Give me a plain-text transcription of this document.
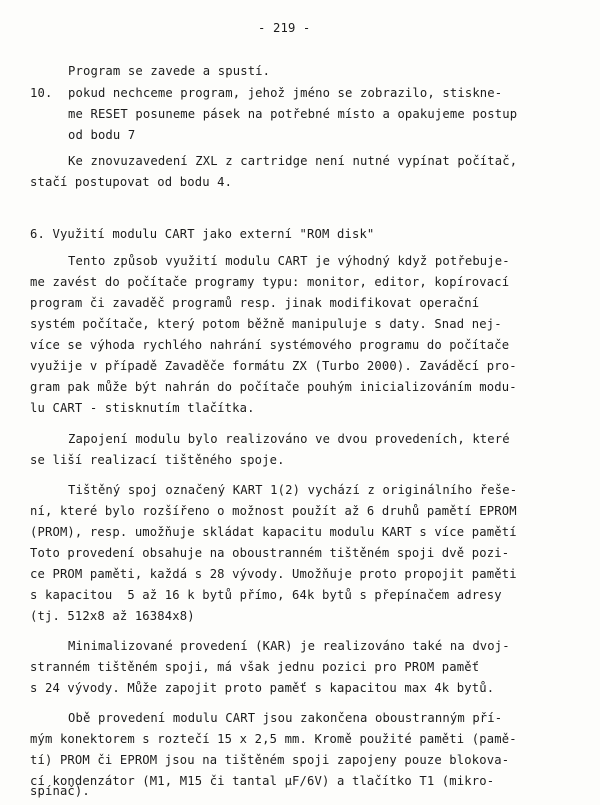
- 219 -
Program se zavede a spustí.
10. pokud nechceme program, jehož jméno se zobrazilo, stiskne-
me RESET posuneme pásek na potřebné místo a opakujeme postup
od bodu 7
Ke znovuzavedení ZXL z cartridge není nutné vypínat počítač,
stačí postupovat od bodu 4.
6. Využití modulu CART jako externí "ROM disk"
Tento způsob využití modulu CART je výhodný když potřebuje-
me zavést do počítače programy typu: monitor, editor, kopírovací
program či zavaděč programů resp. jinak modifikovat operační
systém počítače, který potom běžně manipuluje s daty. Snad nej-
více se výhoda rychlého nahrání systémového programu do počítače
využije v případě Zavaděče formátu ZX (Turbo 2000). Zaváděcí pro-
gram pak může být nahrán do počítače pouhým inicializováním modu-
lu CART - stisknutím tlačítka.
Zapojení modulu bylo realizováno ve dvou provedeních, které
se liší realizací tištěného spoje.
Tištěný spoj označený KART 1(2) vychází z originálního řeše-
ní, které bylo rozšířeno o možnost použít až 6 druhů pamětí EPROM
(PROM), resp. umožňuje skládat kapacitu modulu KART s více pamětí
Toto provedení obsahuje na oboustranném tištěném spoji dvě pozi-
ce PROM paměti, každá s 28 vývody. Umožňuje proto propojit paměti
s kapacitou  5 až 16 k bytů přímo, 64k bytů s přepínačem adresy
(tj. 512x8 až 16384x8)
Minimalizované provedení (KAR) je realizováno také na dvoj-
stranném tištěném spoji, má však jednu pozici pro PROM paměť
s 24 vývody. Může zapojit proto paměť s kapacitou max 4k bytů.
Obě provedení modulu CART jsou zakončena oboustranným pří-
mým konektorem s roztečí 15 x 2,5 mm. Kromě použité paměti (pamě-
tí) PROM či EPROM jsou na tištěném spoji zapojeny pouze blokova-
cí kondenzátor (M1, M15 či tantal μF/6V) a tlačítko T1 (mikro-
spínač).
